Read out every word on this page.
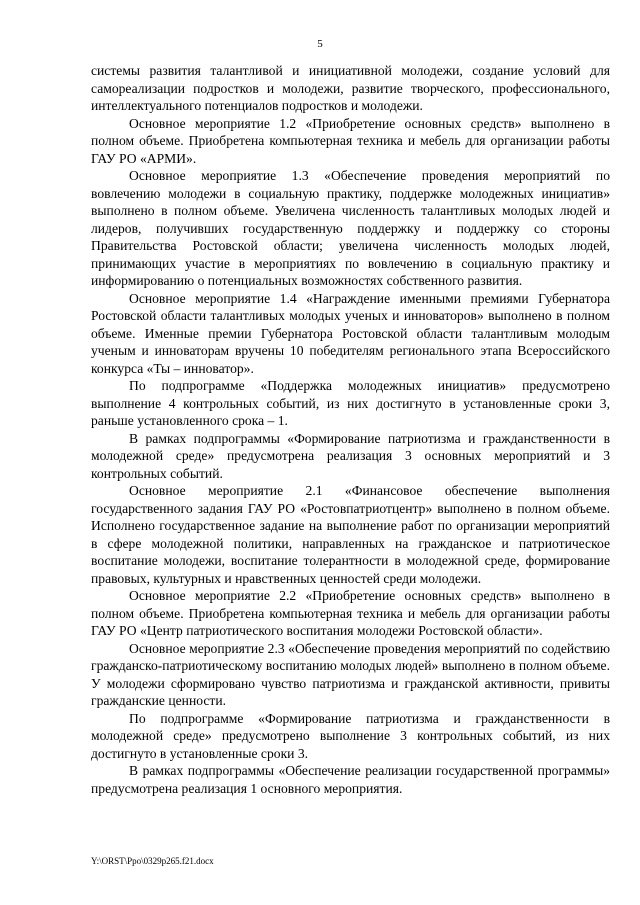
5

системы развития талантливой и инициативной молодежи, создание условий для самореализации подростков и молодежи, развитие творческого, профессионального, интеллектуального потенциалов подростков и молодежи.

Основное мероприятие 1.2 «Приобретение основных средств» выполнено в полном объеме. Приобретена компьютерная техника и мебель для организации работы ГАУ РО «АРМИ».

Основное мероприятие 1.3 «Обеспечение проведения мероприятий по вовлечению молодежи в социальную практику, поддержке молодежных инициатив» выполнено в полном объеме. Увеличена численность талантливых молодых людей и лидеров, получивших государственную поддержку и поддержку со стороны Правительства Ростовской области; увеличена численность молодых людей, принимающих участие в мероприятиях по вовлечению в социальную практику и информированию о потенциальных возможностях собственного развития.

Основное мероприятие 1.4 «Награждение именными премиями Губернатора Ростовской области талантливых молодых ученых и инноваторов» выполнено в полном объеме. Именные премии Губернатора Ростовской области талантливым молодым ученым и инноваторам вручены 10 победителям регионального этапа Всероссийского конкурса «Ты – инноватор».

По подпрограмме «Поддержка молодежных инициатив» предусмотрено выполнение 4 контрольных событий, из них достигнуто в установленные сроки 3, раньше установленного срока – 1.

В рамках подпрограммы «Формирование патриотизма и гражданственности в молодежной среде» предусмотрена реализация 3 основных мероприятий и 3 контрольных событий.

Основное мероприятие 2.1 «Финансовое обеспечение выполнения государственного задания ГАУ РО «Ростовпатриотцентр» выполнено в полном объеме. Исполнено государственное задание на выполнение работ по организации мероприятий в сфере молодежной политики, направленных на гражданское и патриотическое воспитание молодежи, воспитание толерантности в молодежной среде, формирование правовых, культурных и нравственных ценностей среди молодежи.

Основное мероприятие 2.2 «Приобретение основных средств» выполнено в полном объеме. Приобретена компьютерная техника и мебель для организации работы ГАУ РО «Центр патриотического воспитания молодежи Ростовской области».

Основное мероприятие 2.3 «Обеспечение проведения мероприятий по содействию гражданско-патриотическому воспитанию молодых людей» выполнено в полном объеме. У молодежи сформировано чувство патриотизма и гражданской активности, привиты гражданские ценности.

По подпрограмме «Формирование патриотизма и гражданственности в молодежной среде» предусмотрено выполнение 3 контрольных событий, из них достигнуто в установленные сроки 3.

В рамках подпрограммы «Обеспечение реализации государственной программы» предусмотрена реализация 1 основного мероприятия.

Y:\ORST\Ppo\0329p265.f21.docx
